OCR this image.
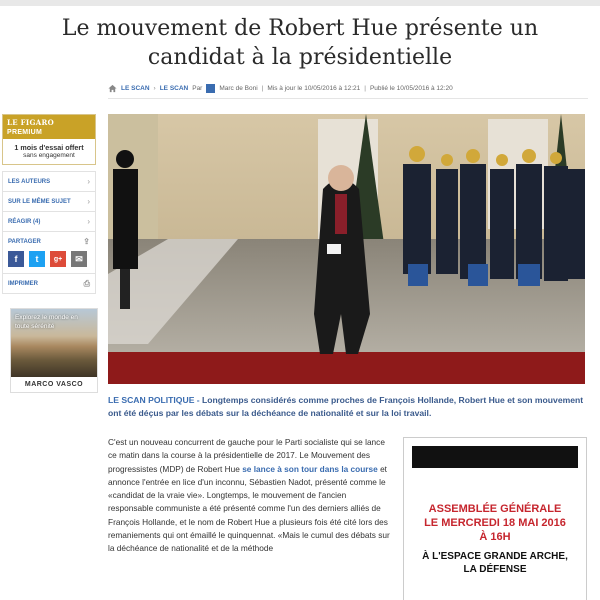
Le mouvement de Robert Hue présente un candidat à la présidentielle
LE SCAN › LE SCAN Par	Marc de Boni | Mis à jour le 10/05/2016 à 12:21 | Publié le 10/05/2016 à 12:20
LE FIGARO PREMIUM
1 mois d'essai offert
sans engagement
LES AUTEURS	›
SUR LE MÊME SUJET ›
RÉAGIR (4)	›
PARTAGER	⇪
f	t	g+	✉
IMPRIMER	⎙
Explorez le monde en toute sérénité
MARCO VASCO
LE SCAN POLITIQUE - Longtemps considérés comme proches de François Hollande, Robert Hue et son mouvement ont été déçus par les débats sur la déchéance de nationalité et sur la loi travail.
C'est un nouveau concurrent de gauche pour le Parti socialiste qui se lance ce matin dans la course à la présidentielle de 2017. Le Mouvement des progressistes (MDP) de Robert Hue se lance à son tour dans la course et annonce l'entrée en lice d'un inconnu, Sébastien Nadot, présenté comme le «candidat de la vraie vie». Longtemps, le mouvement de l'ancien responsable communiste a été présenté comme l'un des derniers alliés de François Hollande, et le nom de Robert Hue a plusieurs fois été cité lors des remaniements qui ont émaillé le quinquennat. «Mais le cumul des débats sur la déchéance de nationalité et de la méthode
ASSEMBLÉE GÉNÉRALE
LE MERCREDI 18 MAI 2016
À 16H
À L'ESPACE GRANDE ARCHE,
LA DÉFENSE
